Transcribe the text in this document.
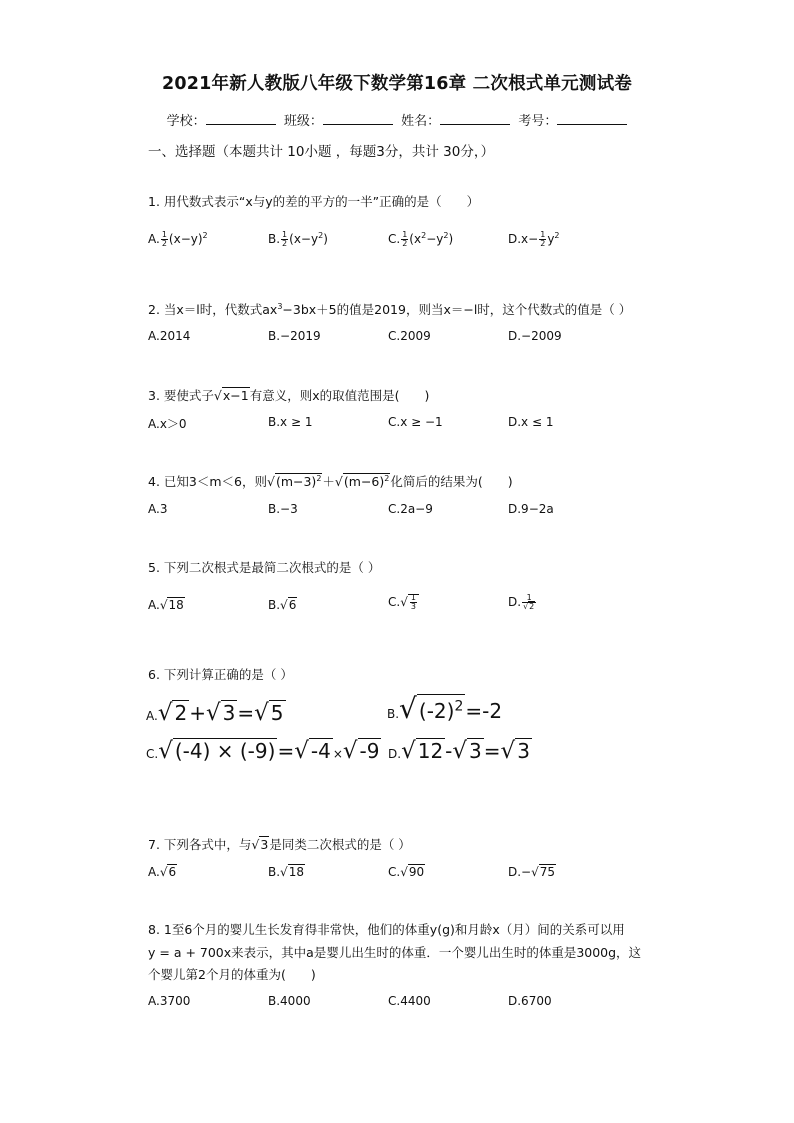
2021年新人教版八年级下数学第16章 二次根式单元测试卷
学校：	班级：	姓名：	考号：
一、选择题（本题共计 10小题 ，每题3分，共计 30分，）
1. 用代数式表示“x与y的差的平方的一半”正确的是（　　）
A. $\frac{1}{2} (x-y)^2$	B. $\frac{1}{2} (x-y^2)$	C. $\frac{1}{2} (x^2-y^2)$	$D.x- \frac{1}{2} y^2$
2. 当x＝l时，代数式$ax^3-3bx+5$的值是2019，则当x＝−l时，这个代数式的值是（ ）
A.2014	B.−2019	C.2009	D.−2009
3. 要使式子√x−1有意义，则x的取值范围是(　　)
A.x＞0	B.x ≥ 1	C.x ≥ −1	D.x ≤ 1
4. 已知3＜m＜6，则$√(m-3)^2+√(m-6)^2$化简后的结果为(　　)
A.3	B.−3	C.2a−9	D.9−2a
5. 下列二次根式是最简二次根式的是（ ）
A.√18	B.√6	$C.√ \frac{1}{3}$	D. $\frac{1}{√2}$
6. 下列计算正确的是（ ）
A.√ 2 +√ 3 =√ 5	B.√ $(-2)^2 =-2$
C.√ (-4) × (-9) =√ -4 ×√ -9 D.√ 12 -√ 3 =√ 3
7. 下列各式中，与√3是同类二次根式的是（ ）
A.√6	B.√18	C.√90	D.−√75
8. 1至6个月的婴儿生长发育得非常快，他们的体重y(g)和月龄x（月）间的关系可以用
y = a + 700x来表示，其中a是婴儿出生时的体重．一个婴儿出生时的体重是3000g，这
个婴儿第2个月的体重为(　　)
A.3700	B.4000	C.4400	D.6700
